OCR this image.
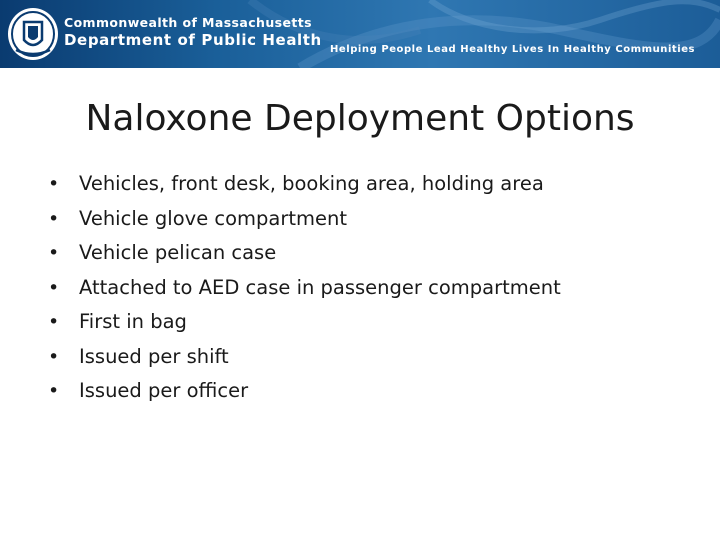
Commonwealth of Massachusetts
Department of Public Health
Helping People Lead Healthy Lives In Healthy Communities
Naloxone Deployment Options
• Vehicles, front desk, booking area, holding area
• Vehicle glove compartment
• Vehicle pelican case
• Attached to AED case in passenger compartment
• First in bag
• Issued per shift
• Issued per officer
